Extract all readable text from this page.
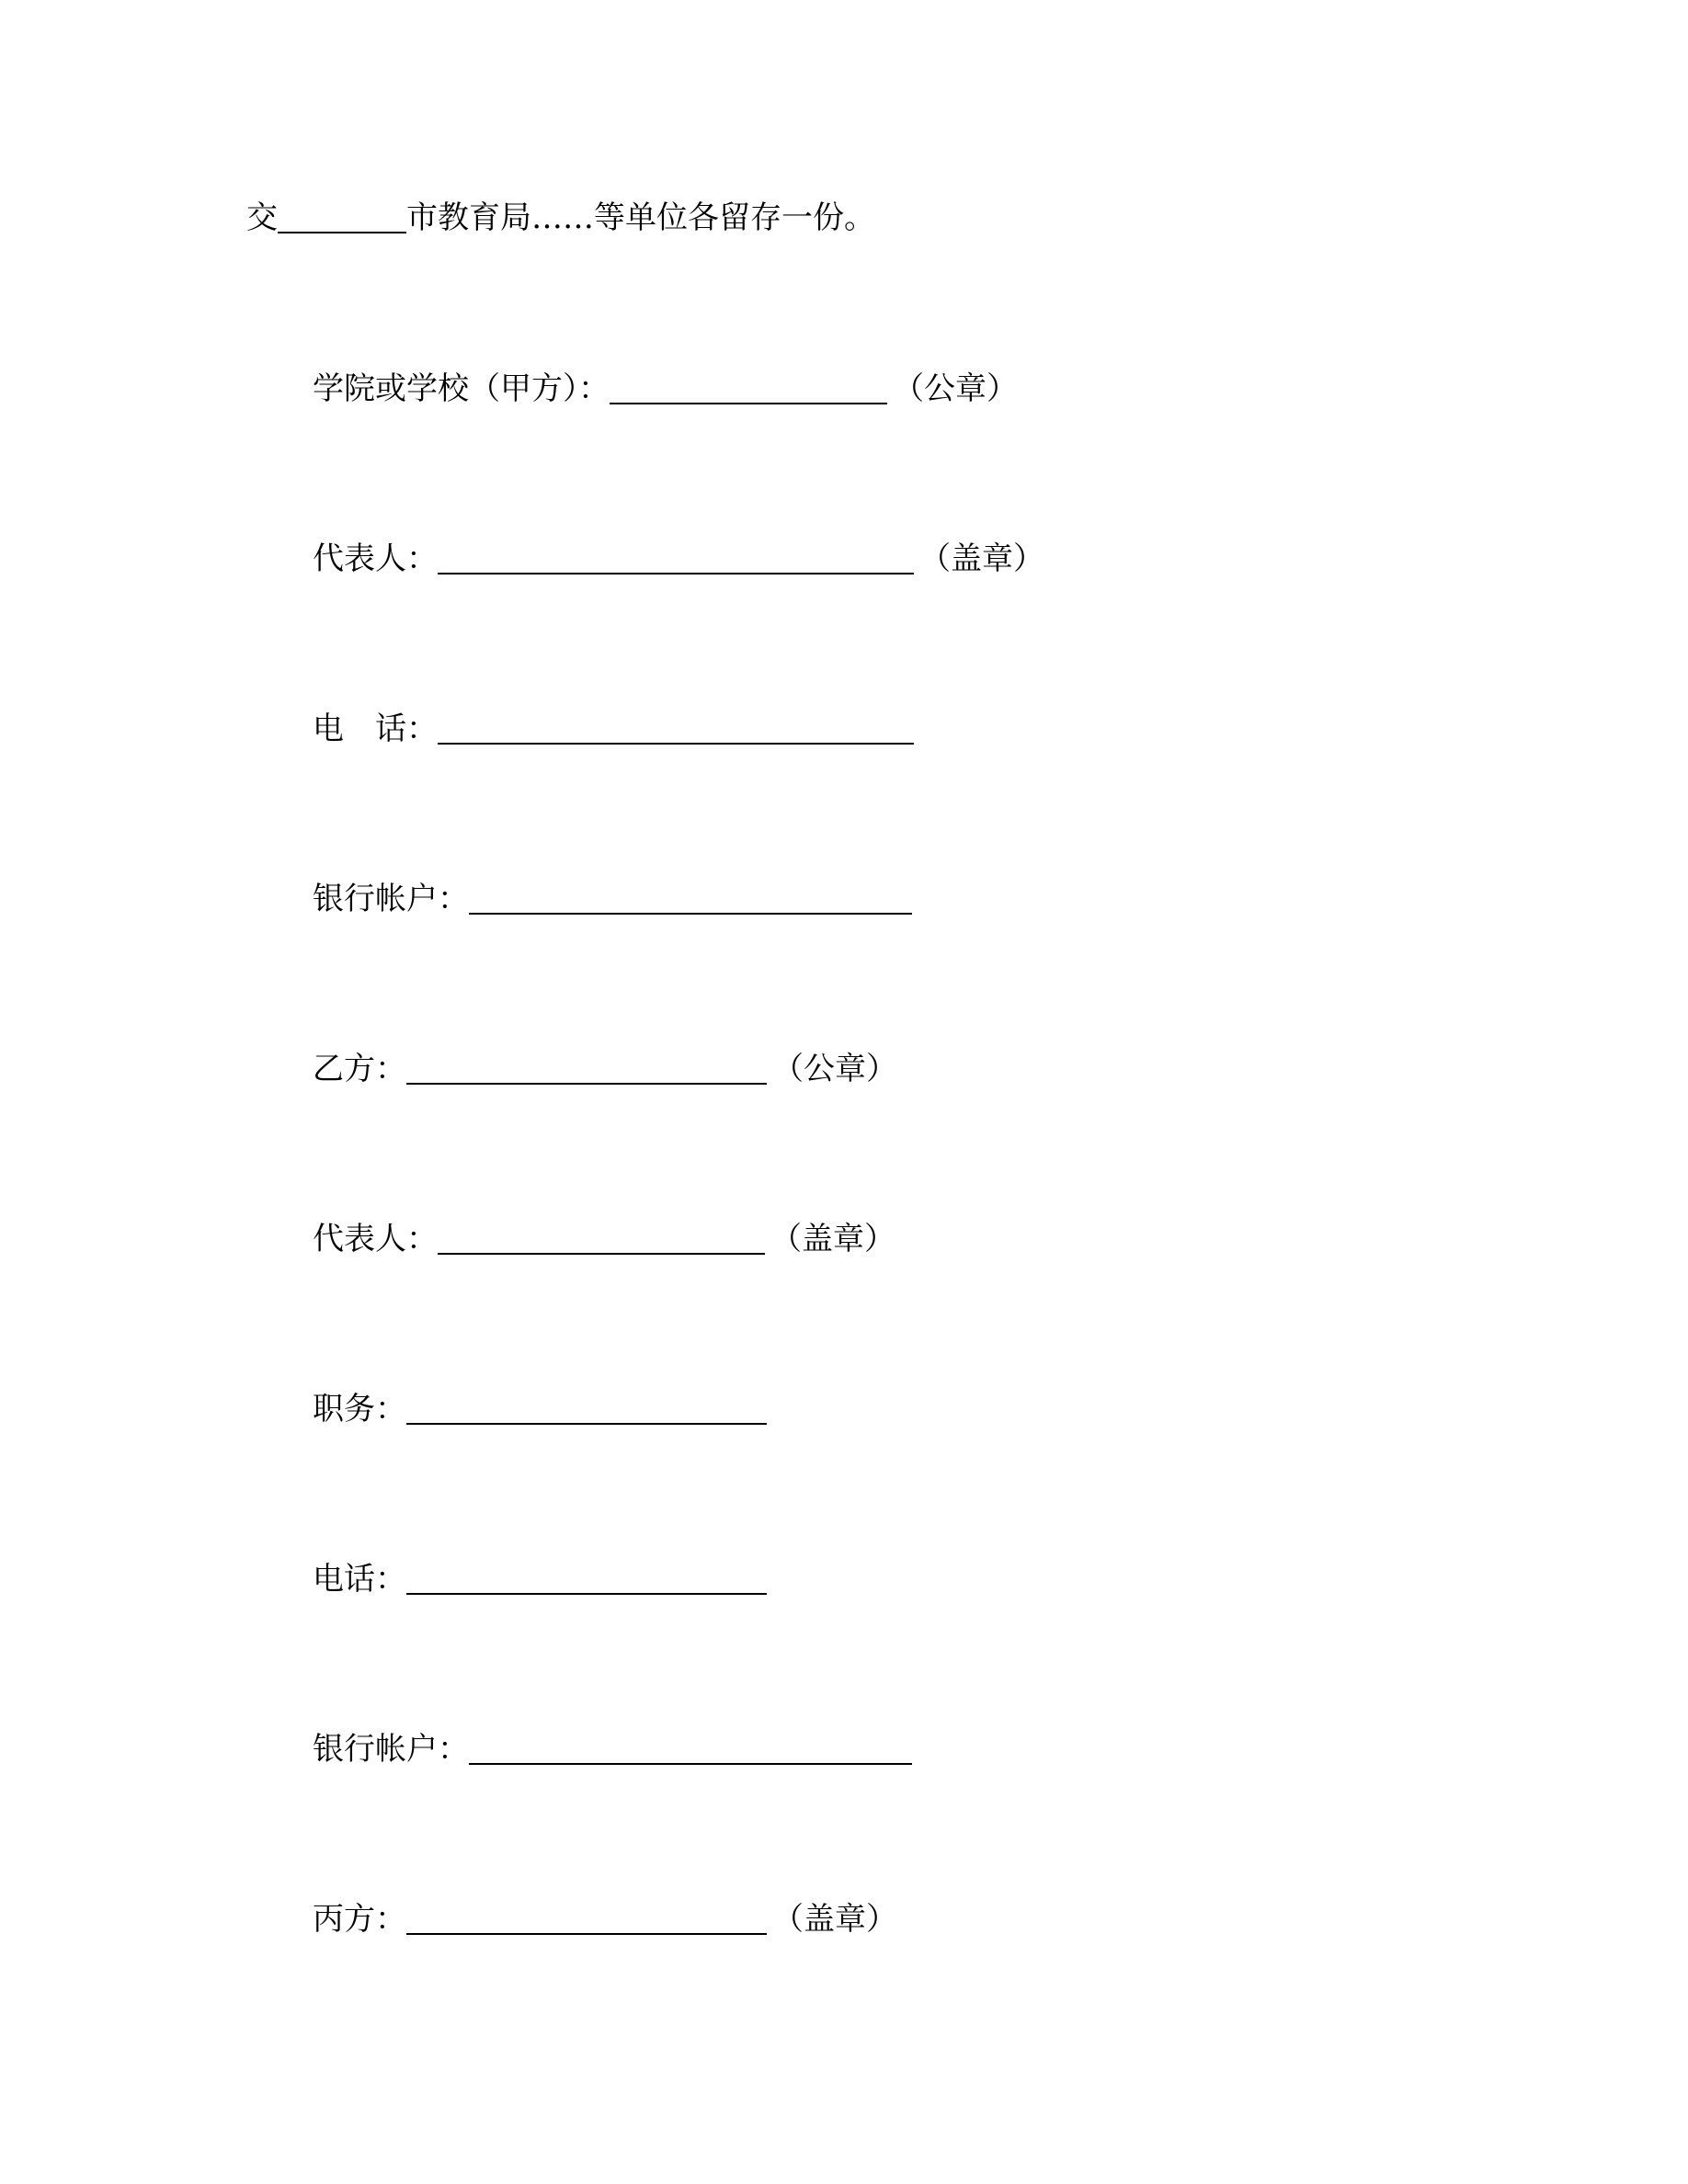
交	市教育局……等单位各留存一份。
学院或学校（甲方）：	（公章）
代表人：	（盖章）
电 话：
银行帐户：
乙方：	（公章）
代表人：	（盖章）
职务：
电话：
银行帐户：
丙方：	（盖章）
